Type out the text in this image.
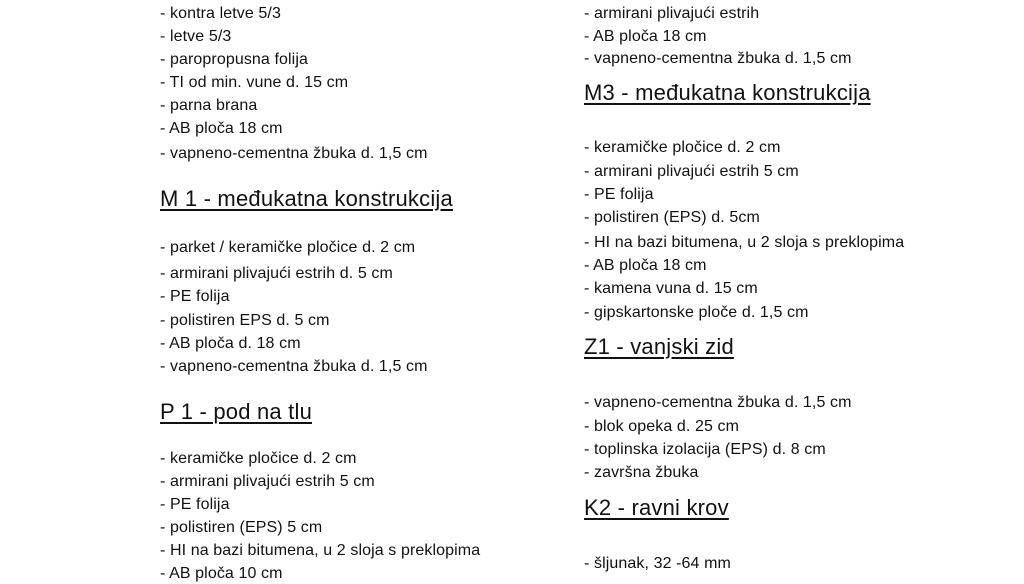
- kontra letve 5/3
- letve 5/3
- paropropusna folija
- TI od min. vune d. 15 cm
- parna brana
- AB ploča 18 cm
- vapneno-cementna žbuka d. 1,5 cm
M 1 - međukatna konstrukcija
- parket / keramičke pločice d. 2 cm
- armirani plivajući estrih d. 5 cm
- PE folija
- polistiren EPS d. 5 cm
- AB ploča d. 18 cm
- vapneno-cementna žbuka d. 1,5 cm
P 1 - pod na tlu
- keramičke pločice d. 2 cm
- armirani plivajući estrih 5 cm
- PE folija
- polistiren (EPS) 5 cm
- HI na bazi bitumena, u 2 sloja s preklopima
- AB ploča 10 cm
- armirani plivajući estrih
- AB ploča 18 cm
- vapneno-cementna žbuka d. 1,5 cm
M3 - međukatna konstrukcija
- keramičke pločice d. 2 cm
- armirani plivajući estrih 5 cm
- PE folija
- polistiren (EPS) d. 5cm
- HI na bazi bitumena, u 2 sloja s preklopima
- AB ploča 18 cm
- kamena vuna d. 15 cm
- gipskartonske ploče d. 1,5 cm
Z1 - vanjski zid
- vapneno-cementna žbuka d. 1,5 cm
- blok opeka d. 25 cm
- toplinska izolacija (EPS) d. 8 cm
- završna žbuka
K2 - ravni krov
- šljunak, 32 -64 mm
